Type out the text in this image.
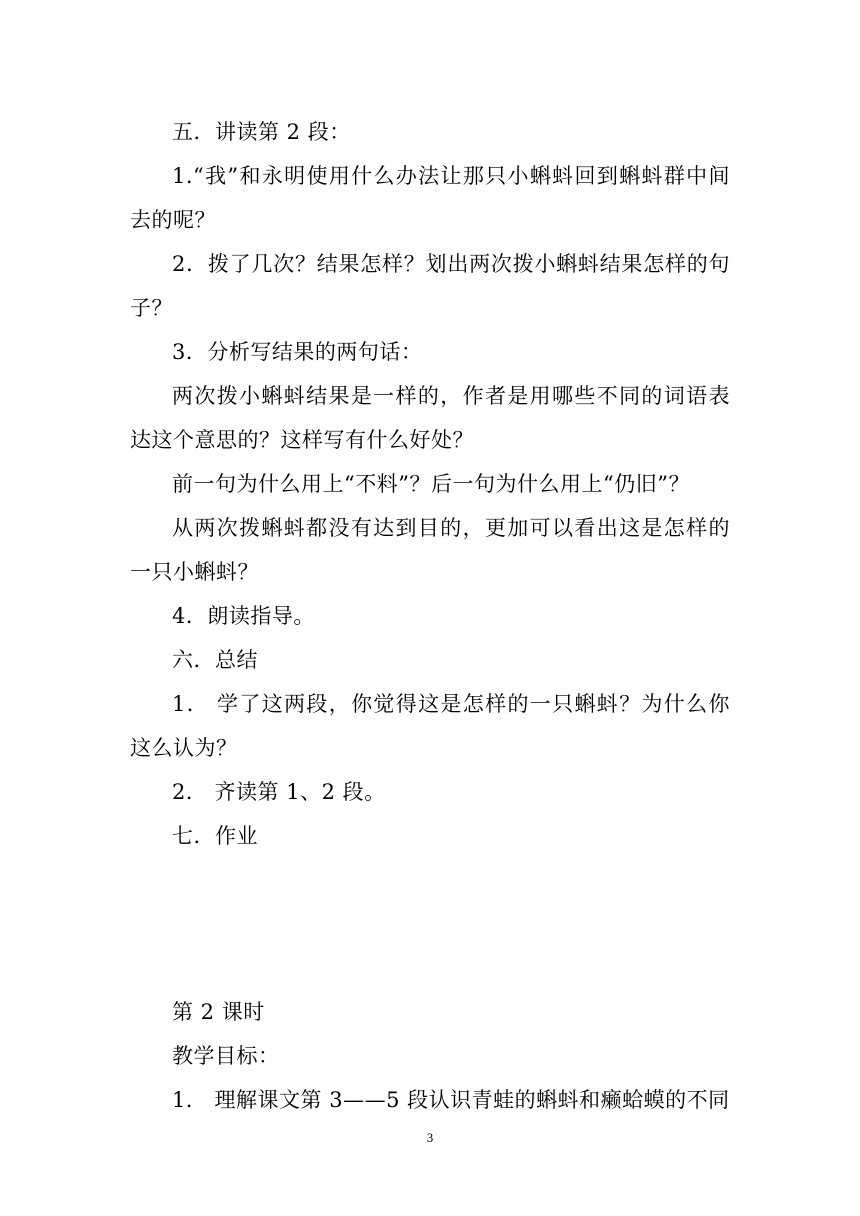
五．讲读第 2 段：

1.“我”和永明使用什么办法让那只小蝌蚪回到蝌蚪群中间去的呢？

2．拨了几次？结果怎样？划出两次拨小蝌蚪结果怎样的句子？

3．分析写结果的两句话：

两次拨小蝌蚪结果是一样的，作者是用哪些不同的词语表达这个意思的？这样写有什么好处？

前一句为什么用上“不料”？后一句为什么用上“仍旧”？

从两次拨蝌蚪都没有达到目的，更加可以看出这是怎样的一只小蝌蚪？

4．朗读指导。

六．总结

1． 学了这两段，你觉得这是怎样的一只蝌蚪？为什么你这么认为？

2． 齐读第 1、2 段。

七．作业

第 2 课时

教学目标：

1． 理解课文第 3——5 段认识青蛙的蝌蚪和癞蛤蟆的不同

3
